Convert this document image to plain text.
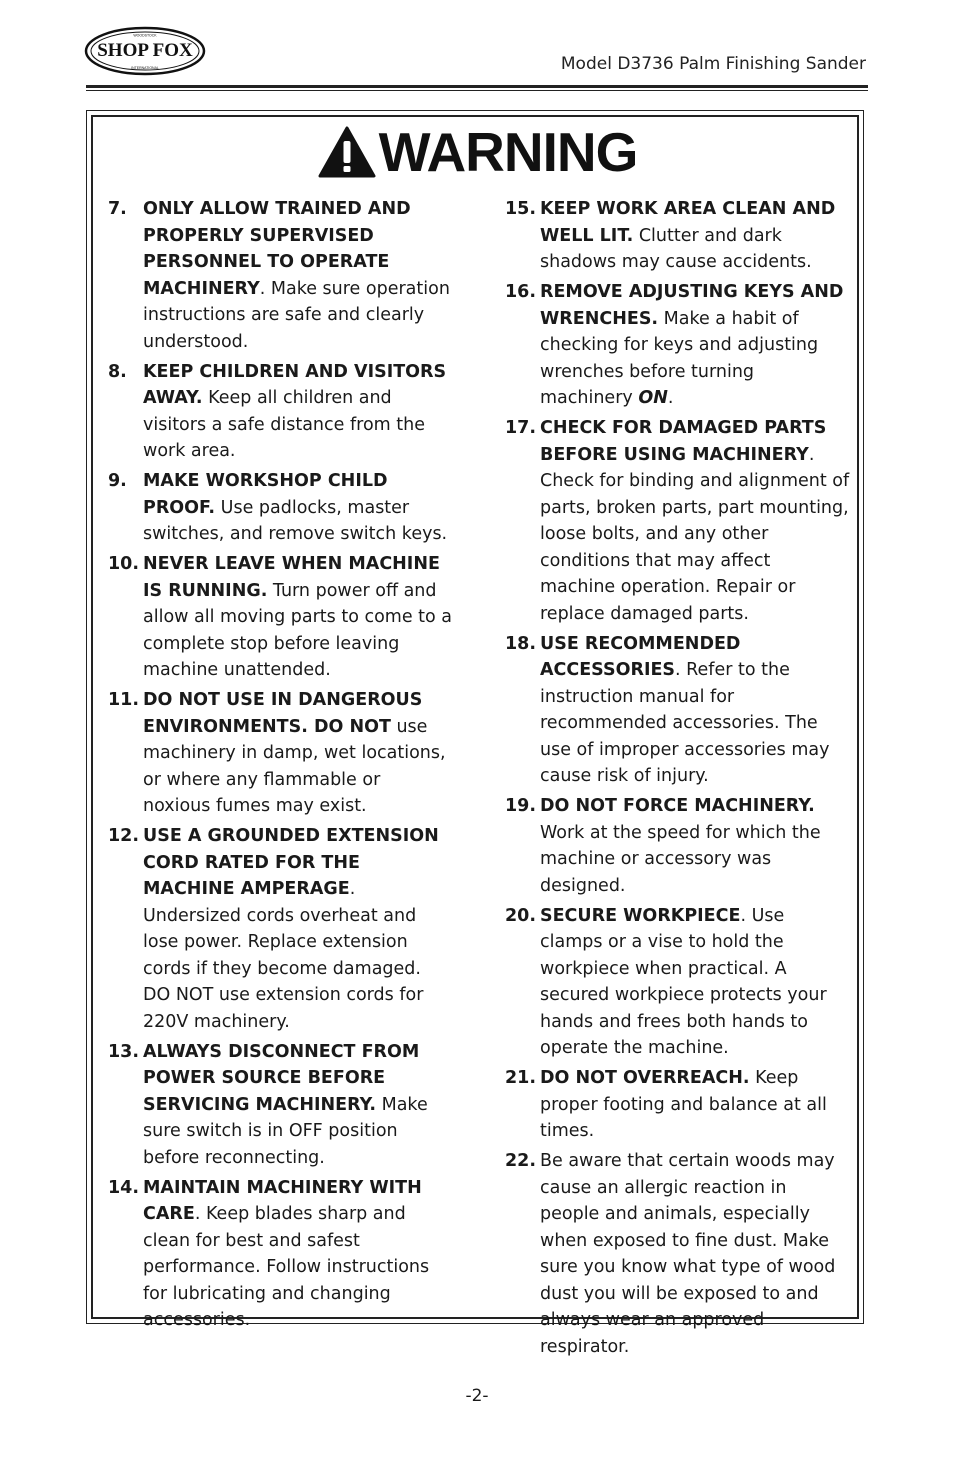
SHOP FOX
WOODSTOCK
INTERNATIONAL	Model D3736 Palm Finishing Sander
WARNING
7. ONLY ALLOW TRAINED AND PROPERLY SUPERVISED PERSONNEL TO OPERATE MACHINERY. Make sure operation instructions are safe and clearly understood.
8. KEEP CHILDREN AND VISITORS AWAY. Keep all children and visitors a safe distance from the work area.
9. MAKE WORKSHOP CHILD PROOF. Use padlocks, master switches, and remove switch keys.
10. NEVER LEAVE WHEN MACHINE IS RUNNING. Turn power off and allow all moving parts to come to a complete stop before leaving machine unattended.
11. DO NOT USE IN DANGEROUS ENVIRONMENTS. DO NOT use machinery in damp, wet locations, or where any flammable or noxious fumes may exist.
12. USE A GROUNDED EXTENSION CORD RATED FOR THE MACHINE AMPERAGE. Undersized cords overheat and lose power. Replace extension cords if they become damaged. DO NOT use extension cords for 220V machinery.
13. ALWAYS DISCONNECT FROM POWER SOURCE BEFORE SERVICING MACHINERY. Make sure switch is in OFF position before reconnecting.
14. MAINTAIN MACHINERY WITH CARE. Keep blades sharp and clean for best and safest performance. Follow instructions for lubricating and changing accessories.
15. KEEP WORK AREA CLEAN AND WELL LIT. Clutter and dark shadows may cause accidents.
16. REMOVE ADJUSTING KEYS AND WRENCHES. Make a habit of checking for keys and adjusting wrenches before turning machinery ON.
17. CHECK FOR DAMAGED PARTS BEFORE USING MACHINERY. Check for binding and alignment of parts, broken parts, part mounting, loose bolts, and any other conditions that may affect machine operation. Repair or replace damaged parts.
18. USE RECOMMENDED ACCESSORIES. Refer to the instruction manual for recommended accessories. The use of improper accessories may cause risk of injury.
19. DO NOT FORCE MACHINERY. Work at the speed for which the machine or accessory was designed.
20. SECURE WORKPIECE. Use clamps or a vise to hold the workpiece when practical. A secured workpiece protects your hands and frees both hands to operate the machine.
21. DO NOT OVERREACH. Keep proper footing and balance at all times.
22. Be aware that certain woods may cause an allergic reaction in people and animals, especially when exposed to fine dust. Make sure you know what type of wood dust you will be exposed to and always wear an approved respirator.
-2-
